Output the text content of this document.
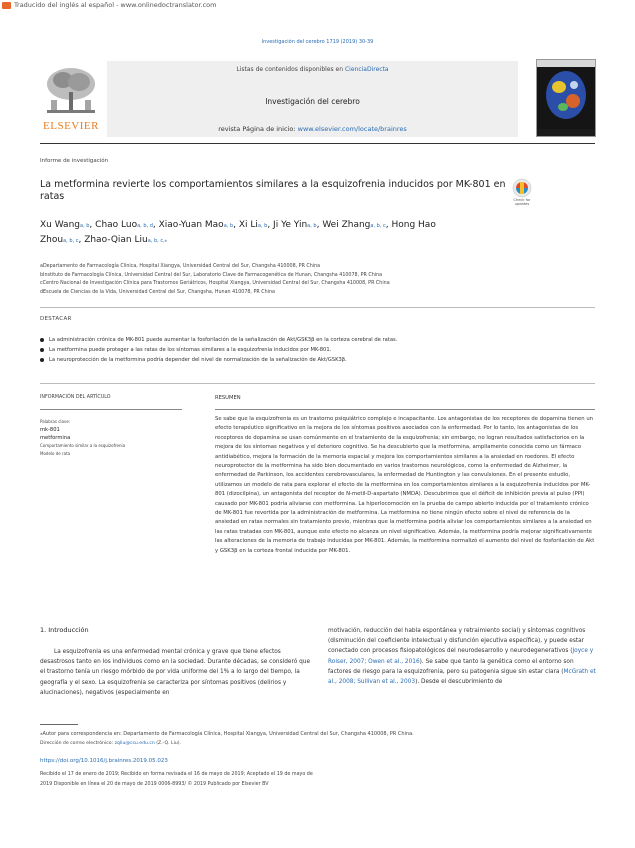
Traducido del inglés al español - www.onlinedoctranslator.com
Investigación del cerebro 1719 (2019) 30-39
ELSEVIER
Listas de contenidos disponibles en CienciaDirecta
Investigación del cerebro
revista Página de inicio: www.elsevier.com/locate/brainres
Informe de investigación
La metformina revierte los comportamientos similares a la esquizofrenia inducidos por MK-801 en ratas	Check for updates
Xu Wanga, b, Chao Luoa, b, d, Xiao-Yuan Maoa, b, Xi Lia, b, Ji Ye Yina, b, Wei Zhanga, b, c, Hong Hao Zhoua, b, c, Zhao-Qian Liua, b, c,⁎
aDepartamento de Farmacología Clínica, Hospital Xiangya, Universidad Central del Sur, Changsha 410008, PR China
bInstituto de Farmacología Clínica, Universidad Central del Sur, Laboratorio Clave de Farmacogenética de Hunan, Changsha 410078, PR China
cCentro Nacional de Investigación Clínica para Trastornos Geriátricos, Hospital Xiangya, Universidad Central del Sur, Changsha 410008, PR China
dEscuela de Ciencias de la Vida, Universidad Central del Sur, Changsha, Hunan 410078, PR China
DESTACAR
La administración crónica de MK-801 puede aumentar la fosforilación de la señalización de Akt/GSK3β en la corteza cerebral de ratas.
La metformina puede proteger a las ratas de los síntomas similares a la esquizofrenia inducidos por MK-801.
La neuroprotección de la metformina podría depender del nivel de normalización de la señalización de Akt/GSK3β.
INFORMACIÓN DEL ARTÍCULO
Palabras clave:
mk-801
metformina
Comportamiento similar a la esquizofrenia
Modelo de rata
RESUMEN
Se sabe que la esquizofrenia es un trastorno psiquiátrico complejo e incapacitante. Los antagonistas de los receptores de dopamina tienen un efecto terapéutico significativo en la mejora de los síntomas positivos asociados con la enfermedad. Por lo tanto, los antagonistas de los receptores de dopamina se usan comúnmente en el tratamiento de la esquizofrenia; sin embargo, no logran resultados satisfactorios en la mejora de los síntomas negativos y el deterioro cognitivo. Se ha descubierto que la metformina, ampliamente conocida como un fármaco antidiabético, mejora la formación de la memoria espacial y mejora los comportamientos similares a la ansiedad en roedores. El efecto neuroprotector de la metformina ha sido bien documentado en varios trastornos neurológicos, como la enfermedad de Alzheimer, la enfermedad de Parkinson, los accidentes cerebrovasculares, la enfermedad de Huntington y las convulsiones. En el presente estudio, utilizamos un modelo de rata para explorar el efecto de la metformina en los comportamientos similares a la esquizofrenia inducidos por MK-801 (dizocilpina), un antagonista del receptor de N-metil-D-aspartato (NMDA). Descubrimos que el déficit de inhibición previa al pulso (PPI) causado por MK-801 podría aliviarse con metformina. La hiperlocomoción en la prueba de campo abierto inducida por el tratamiento crónico de MK-801 fue revertida por la administración de metformina. La metformina no tiene ningún efecto sobre el nivel de referencia de la ansiedad en ratas normales sin tratamiento previo, mientras que la metformina podría aliviar los comportamientos similares a la ansiedad en las ratas tratadas con MK-801, aunque este efecto no alcanza un nivel significativo. Además, la metformina podría mejorar significativamente las alteraciones de la memoria de trabajo inducidas por MK-801. Además, la metformina normalizó el aumento del nivel de fosforilación de Akt y GSK3β en la corteza frontal inducida por MK-801.
1. Introducción
La esquizofrenia es una enfermedad mental crónica y grave que tiene efectos desastrosos tanto en los individuos como en la sociedad. Durante décadas, se consideró que el trastorno tenía un riesgo mórbido de por vida uniforme del 1% a lo largo del tiempo, la geografía y el sexo. La esquizofrenia se caracteriza por síntomas positivos (delirios y alucinaciones), negativos (especialmente en
motivación, reducción del habla espontánea y retraimiento social) y síntomas cognitivos (disminución del coeficiente intelectual y disfunción ejecutiva específica), y puede estar conectado con procesos fisiopatológicos del neurodesarrollo y neurodegenerativos (Joyce y Roiser, 2007; Owen et al., 2016). Se sabe que tanto la genética como el entorno son factores de riesgo para la esquizofrenia, pero su patogenia sigue sin estar clara (McGrath et al., 2008; Sullivan et al., 2003). Desde el descubrimiento de
⁎Autor para correspondencia en: Departamento de Farmacología Clínica, Hospital Xiangya, Universidad Central del Sur, Changsha 410008, PR China.
Dirección de correo electrónico: zqliu@csu.edu.cn (Z.-Q. Liu).
https://doi.org/10.1016/j.brainres.2019.05.023
Recibido el 17 de enero de 2019; Recibido en forma revisada el 16 de mayo de 2019; Aceptado el 19 de mayo de
2019 Disponible en línea el 20 de mayo de 2019 0006-8993/ © 2019 Publicado por Elsevier BV
